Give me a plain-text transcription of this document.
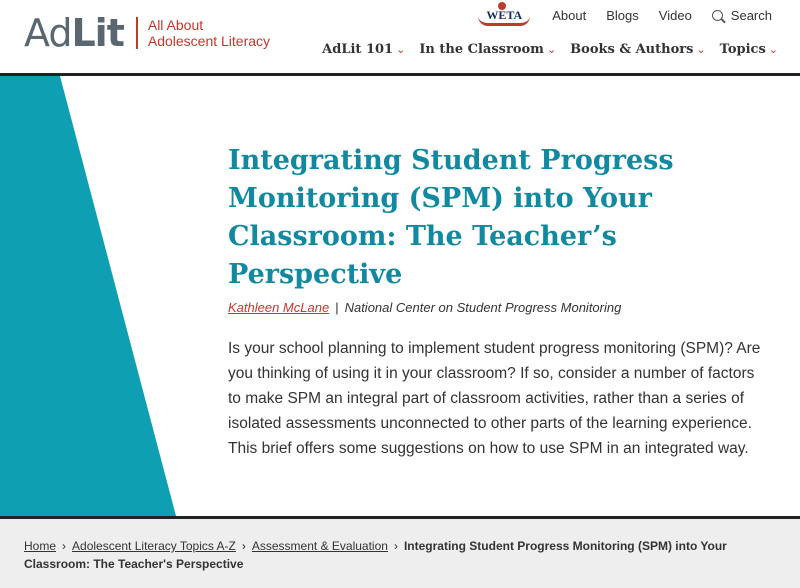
AdLit All About
Adolescent Literacy
WETA About Blogs Video	Search
AdLit 101 ⌄ In the Classroom ⌄ Books & Authors ⌄ Topics ⌄
Integrating Student Progress Monitoring (SPM) into Your Classroom: The Teacher’s Perspective
Kathleen McLane | National Center on Student Progress Monitoring

Is your school planning to implement student progress monitoring (SPM)? Are you thinking of using it in your classroom? If so, consider a number of factors to make SPM an integral part of classroom activities, rather than a series of isolated assessments unconnected to other parts of the learning experience. This brief offers some suggestions on how to use SPM in an integrated way.

Home › Adolescent Literacy Topics A-Z › Assessment & Evaluation › Integrating Student Progress Monitoring (SPM) into Your Classroom: The Teacher's Perspective
